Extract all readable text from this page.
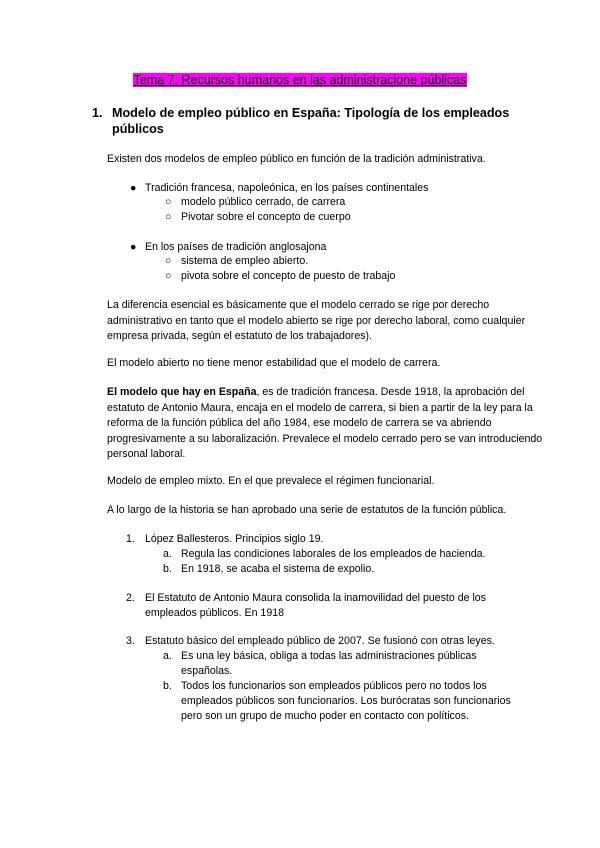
Tema 7: Recursos humanos en las administracione públicas
1. Modelo de empleo público en España: Tipología de los empleados públicos
Existen dos modelos de empleo público en función de la tradición administrativa.
● Tradición francesa, napoleónica, en los países continentales
○ modelo público cerrado, de carrera
○ Pivotar sobre el concepto de cuerpo
● En los países de tradición anglosajona
○ sistema de empleo abierto.
○ pivota sobre el concepto de puesto de trabajo
La diferencia esencial es básicamente que el modelo cerrado se rige por derecho administrativo en tanto que el modelo abierto se rige por derecho laboral, como cualquier empresa privada, según el estatuto de los trabajadores).
El modelo abierto no tiene menor estabilidad que el modelo de carrera.
El modelo que hay en España, es de tradición francesa. Desde 1918, la aprobación del estatuto de Antonio Maura, encaja en el modelo de carrera, si bien a partir de la ley para la reforma de la función pública del año 1984, ese modelo de carrera se va abriendo progresivamente a su laboralización. Prevalece el modelo cerrado pero se van introduciendo personal laboral.
Modelo de empleo mixto. En el que prevalece el régimen funcionarial.
A lo largo de la historia se han aprobado una serie de estatutos de la función pública.
1. López Ballesteros. Principios siglo 19.
a. Regula las condiciones laborales de los empleados de hacienda.
b. En 1918, se acaba el sistema de expolio.
2. El Estatuto de Antonio Maura consolida la inamovilidad del puesto de los empleados públicos. En 1918
3. Estatuto básico del empleado público de 2007. Se fusionó con otras leyes.
a. Es una ley básica, obliga a todas las administraciones públicas españolas.
b. Todos los funcionarios son empleados públicos pero no todos los empleados públicos son funcionarios. Los burócratas son funcionarios pero son un grupo de mucho poder en contacto con políticos.
